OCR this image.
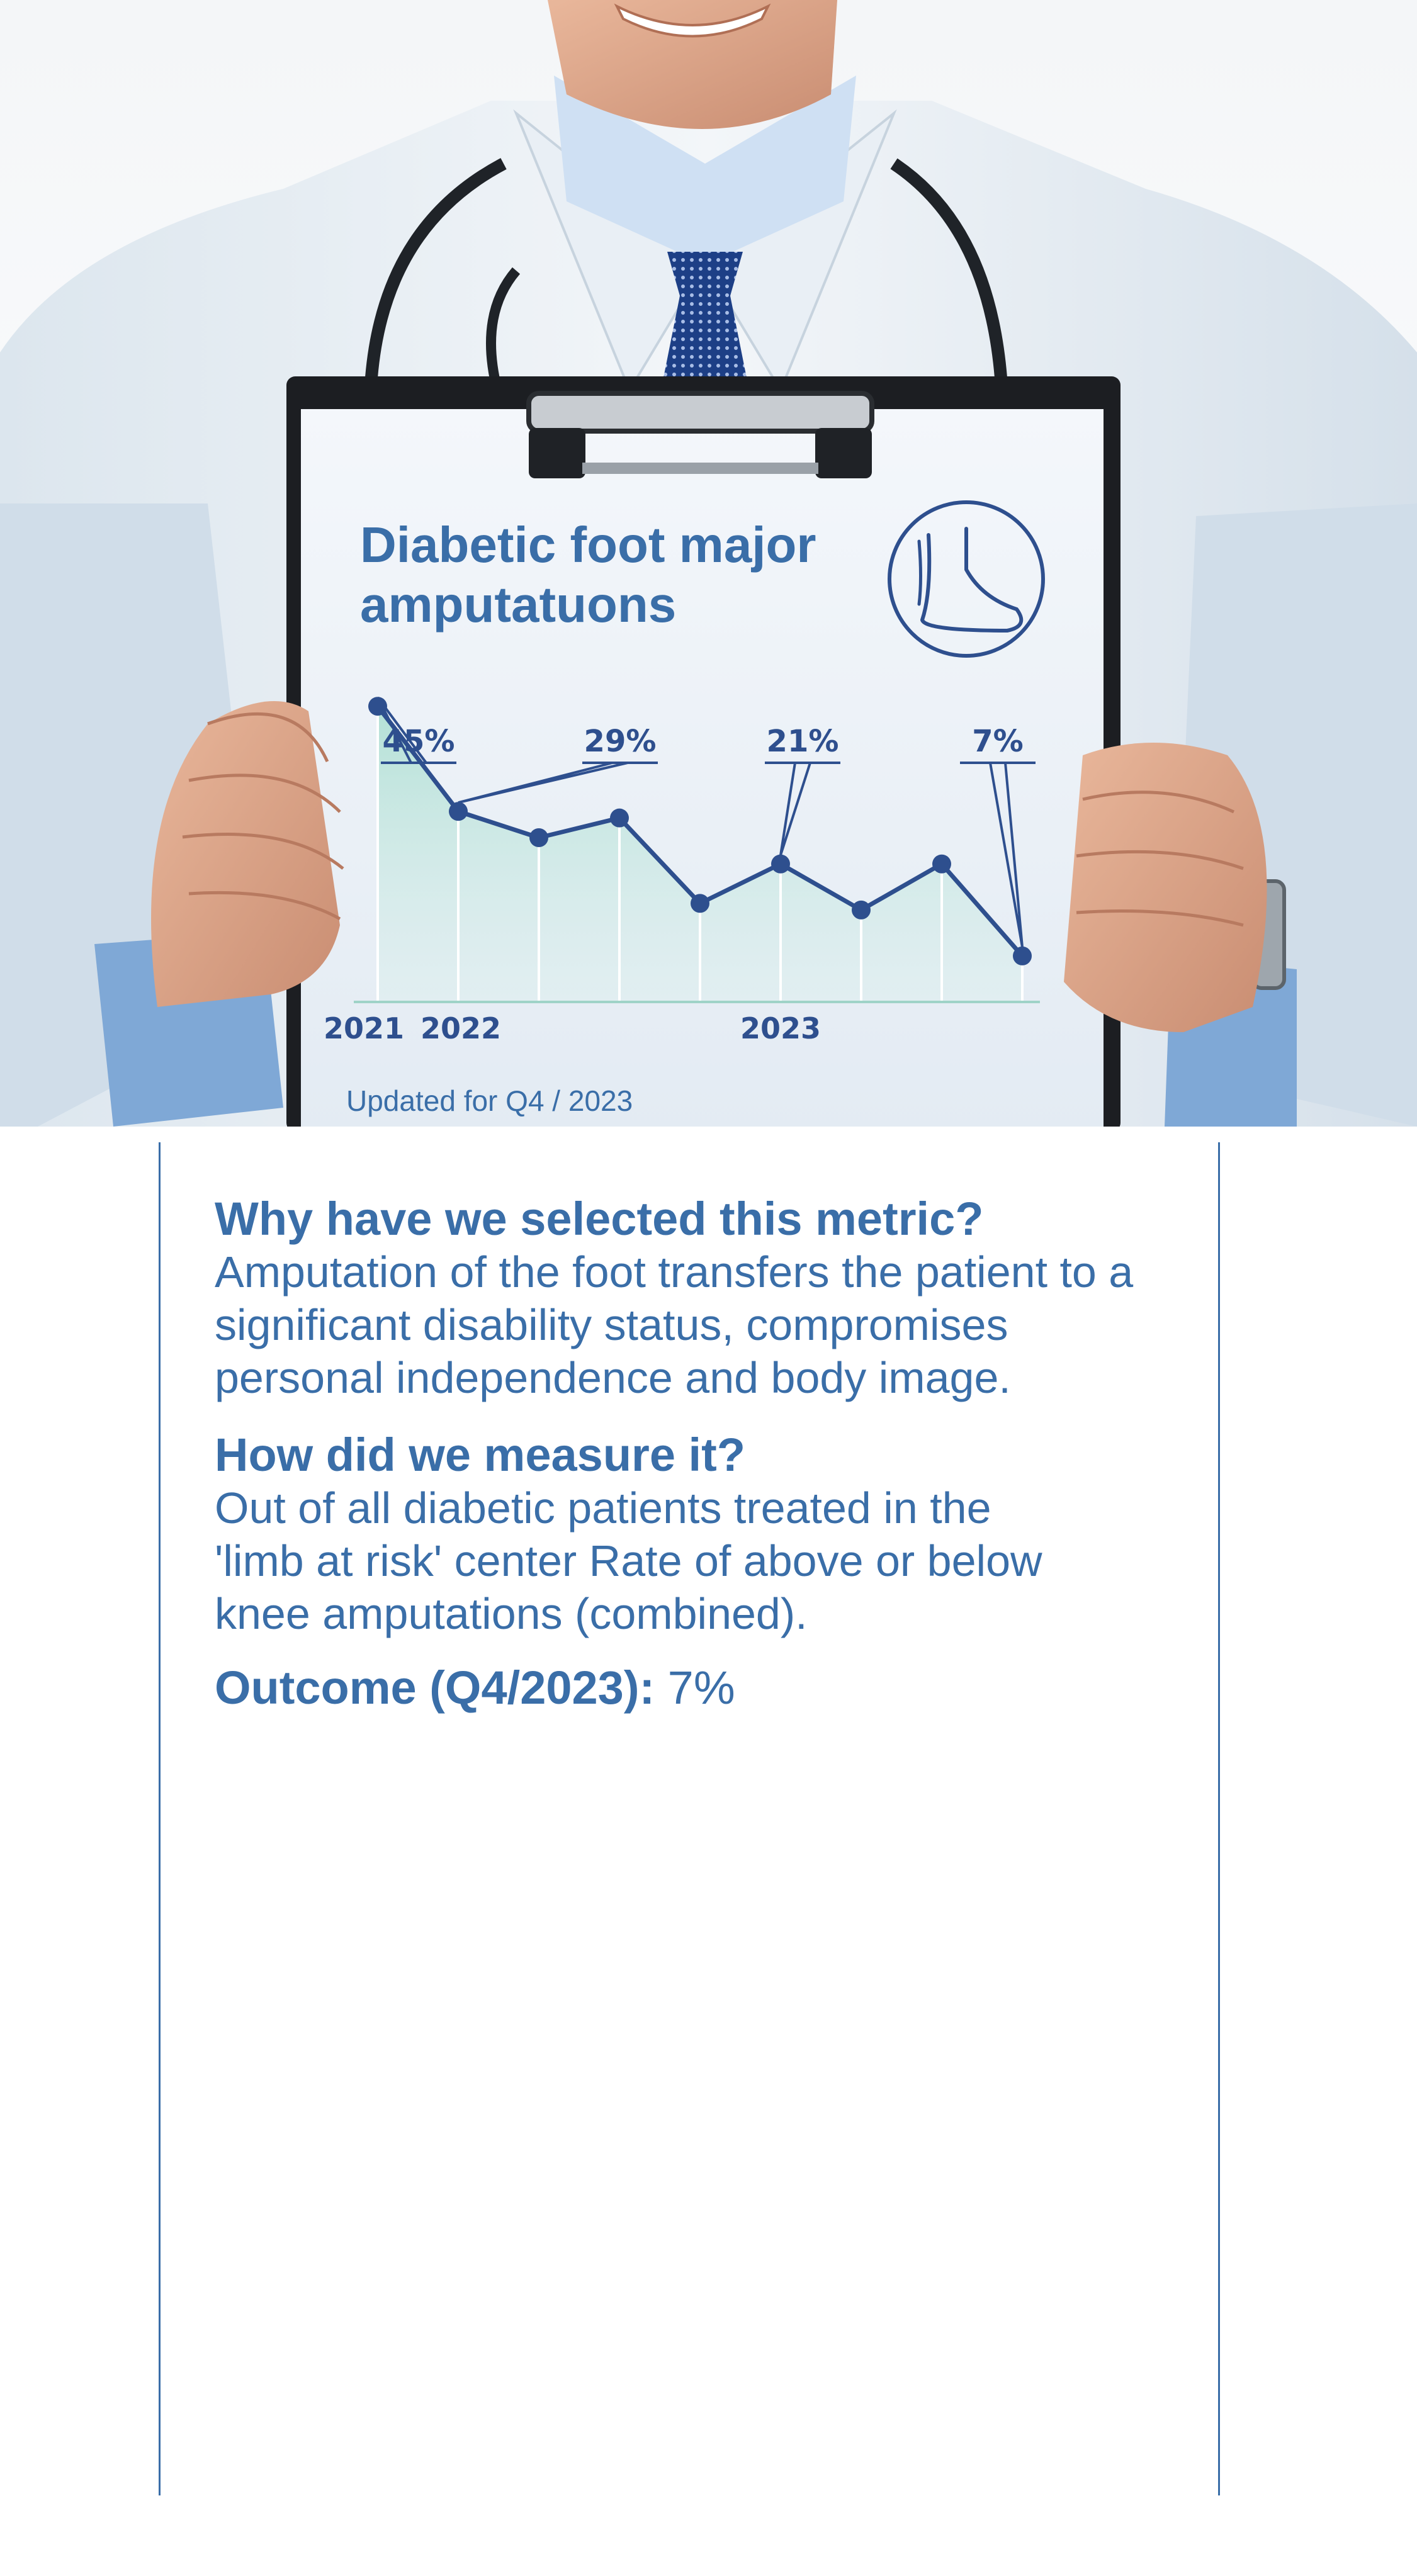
Diabetic foot major
amputatuons
Updated for Q4 / 2023
45%	29%	21%	7%
2021 2022	2023
Why have we selected this metric?
Amputation of the foot transfers the patient to a
significant disability status, compromises
personal independence and body image.
How did we measure it?
Out of all diabetic patients treated in the
'limb at risk' center Rate of above or below
knee amputations (combined).
Outcome (Q4/2023): 7%
